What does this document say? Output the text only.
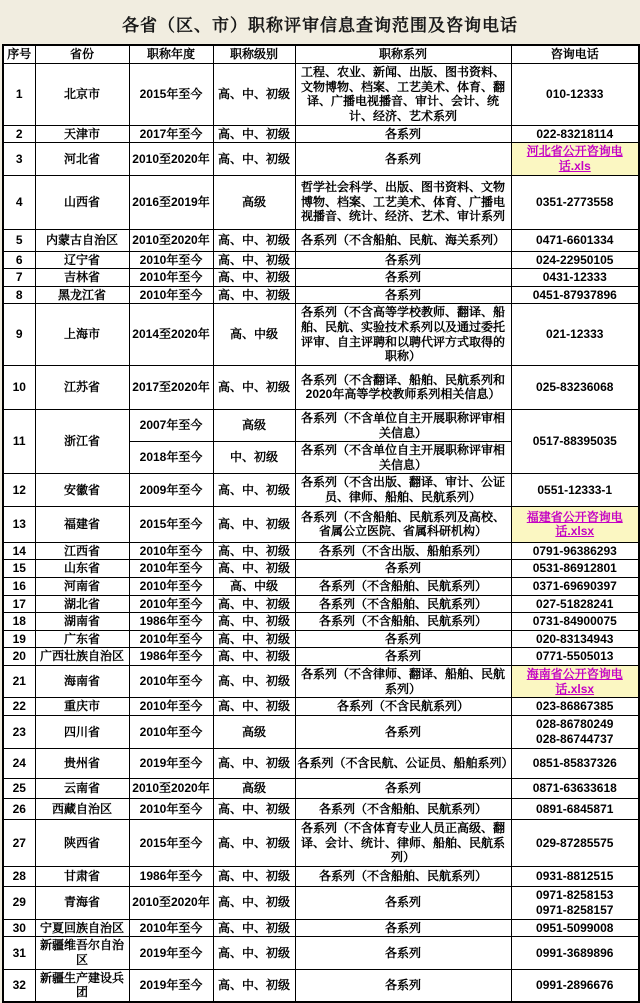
各省（区、市）职称评审信息查询范围及咨询电话
序号	省份	职称年度	职称级别	职称系列	咨询电话
1	北京市	2015年至今	高、中、初级	工程、农业、新闻、出版、图书资料、文物博物、档案、工艺美术、体育、翻译、广播电视播音、审计、会计、统计、经济、艺术系列	010-12333
2	天津市	2017年至今	高、中、初级	各系列	022-83218114
3	河北省	2010至2020年	高、中、初级	各系列	河北省公开咨询电话.xls
4	山西省	2016至2019年	高级	哲学社会科学、出版、图书资料、文物博物、档案、工艺美术、体育、广播电视播音、统计、经济、艺术、审计系列	0351-2773558
5	内蒙古自治区	2010至2020年	高、中、初级	各系列（不含船舶、民航、海关系列）	0471-6601334
6	辽宁省	2010年至今	高、中、初级	各系列	024-22950105
7	吉林省	2010年至今	高、中、初级	各系列	0431-12333
8	黑龙江省	2010年至今	高、中、初级	各系列	0451-87937896
9	上海市	2014至2020年	高、中级	各系列（不含高等学校教师、翻译、船舶、民航、实验技术系列以及通过委托评审、自主评聘和以聘代评方式取得的职称）	021-12333
10	江苏省	2017至2020年	高、中、初级	各系列（不含翻译、船舶、民航系列和2020年高等学校教师系列相关信息）	025-83236068
11	浙江省	2007年至今	高级	各系列（不含单位自主开展职称评审相关信息）	0517-88395035
		2018年至今	中、初级	各系列（不含单位自主开展职称评审相关信息）	
12	安徽省	2009年至今	高、中、初级	各系列（不含出版、翻译、审计、公证员、律师、船舶、民航系列）	0551-12333-1
13	福建省	2015年至今	高、中、初级	各系列（不含船舶、民航系列及高校、省属公立医院、省属科研机构）	福建省公开咨询电话.xlsx
14	江西省	2010年至今	高、中、初级	各系列（不含出版、船舶系列）	0791-96386293
15	山东省	2010年至今	高、中、初级	各系列	0531-86912801
16	河南省	2010年至今	高、中级	各系列（不含船舶、民航系列）	0371-69690397
17	湖北省	2010年至今	高、中、初级	各系列（不含船舶、民航系列）	027-51828241
18	湖南省	1986年至今	高、中、初级	各系列（不含船舶、民航系列）	0731-84900075
19	广东省	2010年至今	高、中、初级	各系列	020-83134943
20	广西壮族自治区	1986年至今	高、中、初级	各系列	0771-5505013
21	海南省	2010年至今	高、中、初级	各系列（不含律师、翻译、船舶、民航系列）	海南省公开咨询电话.xlsx
22	重庆市	2010年至今	高、中、初级	各系列（不含民航系列）	023-86867385
23	四川省	2010年至今	高级	各系列	028-86780249
028-86744737

24	贵州省	2019年至今	高、中、初级	各系列（不含民航、公证员、船舶系列）	0851-85837326
25	云南省	2010至2020年	高级	各系列	0871-63633618
26	西藏自治区	2010年至今	高、中、初级	各系列（不含船舶、民航系列）	0891-6845871
27	陕西省	2015年至今	高、中、初级	各系列（不含体育专业人员正高级、翻译、会计、统计、律师、船舶、民航系列）	029-87285575
28	甘肃省	1986年至今	高、中、初级	各系列（不含船舶、民航系列）	0931-8812515
29	青海省	2010至2020年	高、中、初级	各系列	0971-8258153
0971-8258157

30	宁夏回族自治区	2010年至今	高、中、初级	各系列	0951-5099008
31	新疆维吾尔自治区	2019年至今	高、中、初级	各系列	0991-3689896
32	新疆生产建设兵团	2019年至今	高、中、初级	各系列	0991-2896676
